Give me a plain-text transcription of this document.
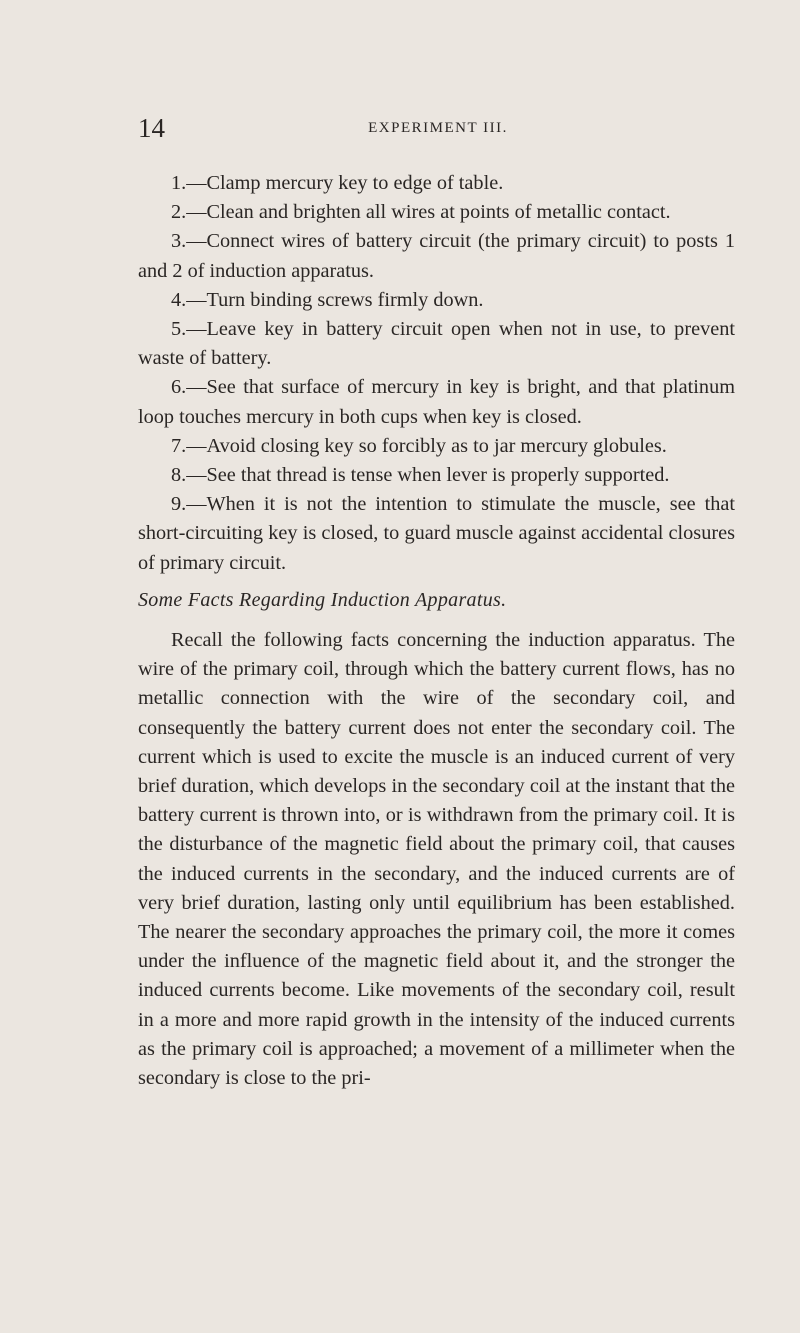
14	EXPERIMENT III.

1.—Clamp mercury key to edge of table.

2.—Clean and brighten all wires at points of metallic contact.

3.—Connect wires of battery circuit (the primary circuit) to posts 1 and 2 of induction apparatus.

4.—Turn binding screws firmly down.

5.—Leave key in battery circuit open when not in use, to prevent waste of battery.

6.—See that surface of mercury in key is bright, and that platinum loop touches mercury in both cups when key is closed.

7.—Avoid closing key so forcibly as to jar mercury globules.

8.—See that thread is tense when lever is properly supported.

9.—When it is not the intention to stimulate the muscle, see that short-circuiting key is closed, to guard muscle against accidental closures of primary circuit.

Some Facts Regarding Induction Apparatus.

Recall the following facts concerning the induction apparatus. The wire of the primary coil, through which the battery current flows, has no metallic connection with the wire of the secondary coil, and consequently the battery current does not enter the secondary coil. The current which is used to excite the muscle is an induced current of very brief duration, which develops in the secondary coil at the instant that the battery current is thrown into, or is withdrawn from the primary coil. It is the disturbance of the magnetic field about the primary coil, that causes the induced currents in the secondary, and the induced currents are of very brief duration, lasting only until equilibrium has been established. The nearer the secondary approaches the primary coil, the more it comes under the influence of the magnetic field about it, and the stronger the induced currents become. Like movements of the secondary coil, result in a more and more rapid growth in the intensity of the induced currents as the primary coil is approached; a movement of a millimeter when the secondary is close to the pri-
